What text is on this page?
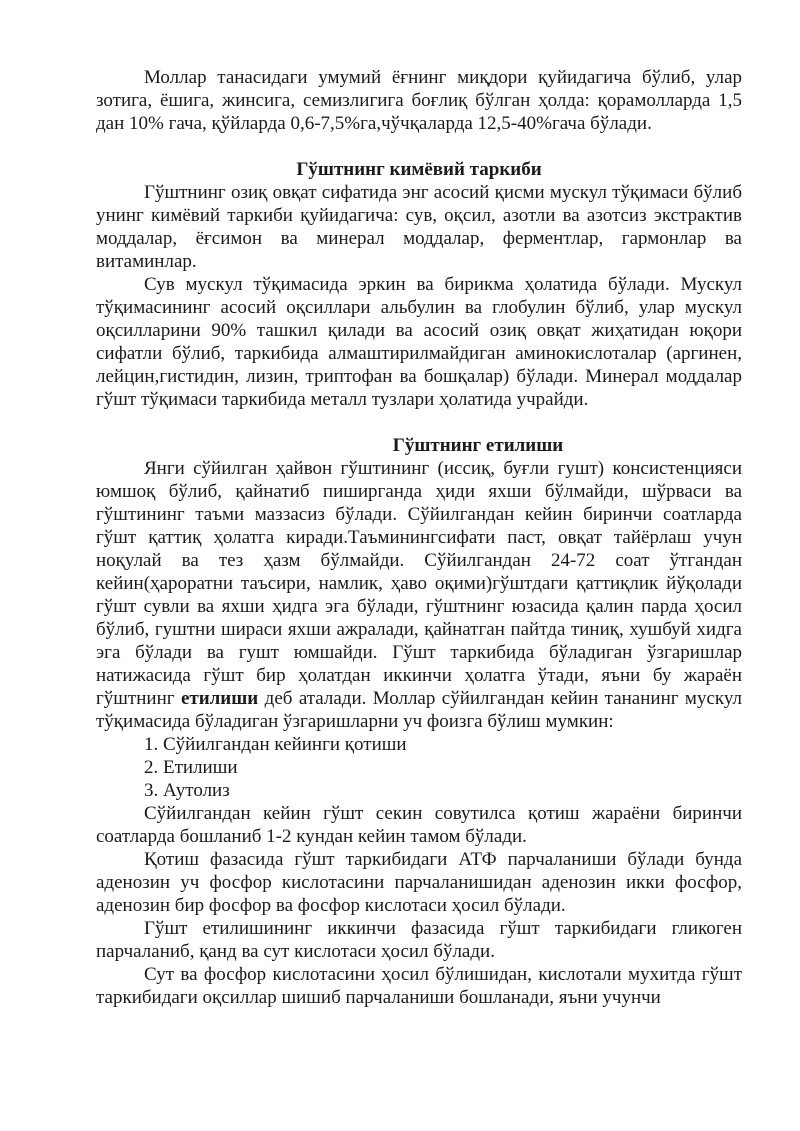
Моллар танасидаги умумий ёғнинг миқдори қуйидагича бўлиб, улар зотига, ёшига, жинсига, семизлигига боғлиқ бўлган ҳолда: қорамолларда 1,5 дан 10% гача, қўйларда 0,6-7,5%га,чўчқаларда 12,5-40%гача бўлади.

Гўштнинг кимёвий таркиби

Гўштнинг озиқ овқат сифатида энг асосий қисми мускул тўқимаси бўлиб унинг кимёвий таркиби қуйидагича: сув, оқсил, азотли ва азотсиз экстрактив моддалар, ёғсимон ва минерал моддалар, ферментлар, гармонлар ва витаминлар.

Сув мускул тўқимасида эркин ва бирикма ҳолатида бўлади. Мускул тўқимасининг асосий оқсиллари альбулин ва глобулин бўлиб, улар мускул оқсилларини 90% ташкил қилади ва асосий озиқ овқат жиҳатидан юқори сифатли бўлиб, таркибида алмаштирилмайдиган аминокислоталар (аргинен, лейцин,гистидин, лизин, триптофан ва бошқалар) бўлади. Минерал моддалар гўшт тўқимаси таркибида металл тузлари ҳолатида учрайди.

Гўштнинг етилиши

Янги сўйилган ҳайвон гўштининг (иссиқ, буғли гушт) консистенцияси юмшоқ бўлиб, қайнатиб пиширганда ҳиди яхши бўлмайди, шўрваси ва гўштининг таъми маззасиз бўлади. Сўйилгандан кейин биринчи соатларда гўшт қаттиқ ҳолатга киради.Таъминингсифати паст, овқат тайёрлаш учун ноқулай ва тез ҳазм бўлмайди. Сўйилгандан 24-72 соат ўтгандан кейин(ҳароратни таъсири, намлик, ҳаво оқими)гўштдаги қаттиқлик йўқолади гўшт сувли ва яхши ҳидга эга бўлади, гўштнинг юзасида қалин парда ҳосил бўлиб, гуштни шираси яхши ажралади, қайнатган пайтда тиниқ, хушбуй хидга эга бўлади ва гушт юмшайди. Гўшт таркибида бўладиган ўзгаришлар натижасида гўшт бир ҳолатдан иккинчи ҳолатга ўтади, яъни бу жараён гўштнинг етилиши деб аталади. Моллар сўйилгандан кейин тананинг мускул тўқимасида бўладиган ўзгаришларни уч фоизга бўлиш мумкин:

1. Сўйилгандан кейинги қотиши
2. Етилиши
3. Аутолиз

Сўйилгандан кейин гўшт секин совутилса қотиш жараёни биринчи соатларда бошланиб 1-2 кундан кейин тамом бўлади.

Қотиш фазасида гўшт таркибидаги АТФ парчаланиши бўлади бунда аденозин уч фосфор кислотасини парчаланишидан аденозин икки фосфор, аденозин бир фосфор ва фосфор кислотаси ҳосил бўлади.

Гўшт етилишининг иккинчи фазасида гўшт таркибидаги гликоген парчаланиб, қанд ва сут кислотаси ҳосил бўлади.

Сут ва фосфор кислотасини ҳосил бўлишидан, кислотали мухитда гўшт таркибидаги оқсиллар шишиб парчаланиши бошланади, яъни учунчи
